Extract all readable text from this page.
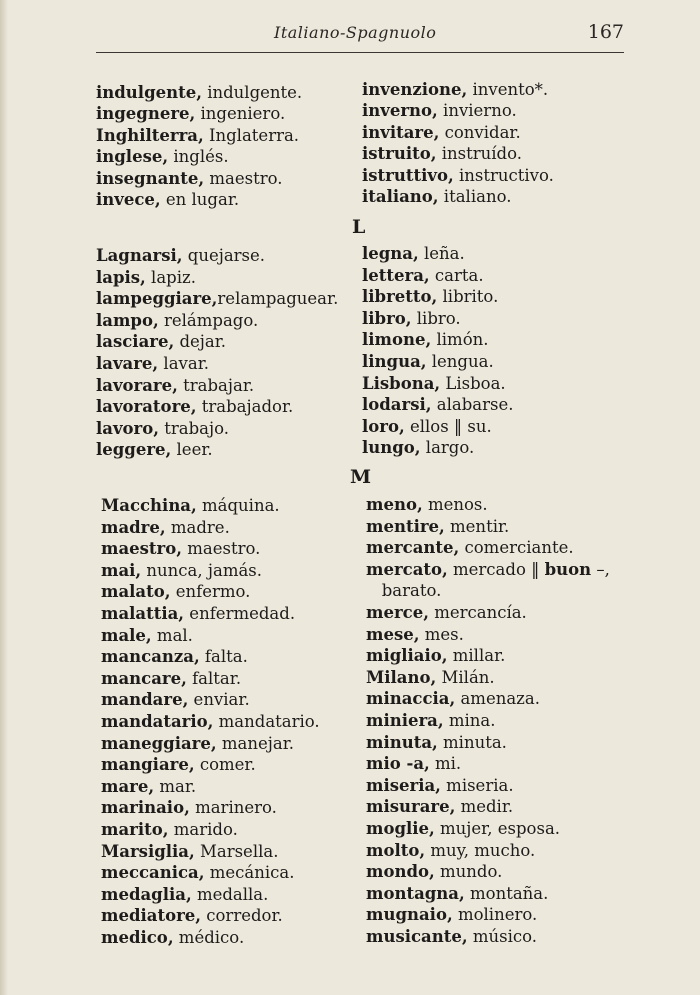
Italiano-Spagnuolo	167
indulgente, indulgente.
ingegnere, ingeniero.
Inghilterra, Inglaterra.
inglese, inglés.
insegnante, maestro.
invece, en lugar.
invenzione, invento*.
inverno, invierno.
invitare, convidar.
istruito, instruído.
istruttivo, instructivo.
italiano, italiano.
L
Lagnarsi, quejarse.
lapis, lapiz.
lampeggiare,relampaguear.
lampo, relámpago.
lasciare, dejar.
lavare, lavar.
lavorare, trabajar.
lavoratore, trabajador.
lavoro, trabajo.
leggere, leer.
legna, leña.
lettera, carta.
libretto, librito.
libro, libro.
limone, limón.
lingua, lengua.
Lisbona, Lisboa.
lodarsi, alabarse.
loro, ellos ‖ su.
lungo, largo.
M
Macchina, máquina.
madre, madre.
maestro, maestro.
mai, nunca, jamás.
malato, enfermo.
malattia, enfermedad.
male, mal.
mancanza, falta.
mancare, faltar.
mandare, enviar.
mandatario, mandatario.
maneggiare, manejar.
mangiare, comer.
mare, mar.
marinaio, marinero.
marito, marido.
Marsiglia, Marsella.
meccanica, mecánica.
medaglia, medalla.
mediatore, corredor.
medico, médico.
meno, menos.
mentire, mentir.
mercante, comerciante.
mercato, mercado ‖ buon –,
barato.
merce, mercancía.
mese, mes.
migliaio, millar.
Milano, Milán.
minaccia, amenaza.
miniera, mina.
minuta, minuta.
mio -a, mi.
miseria, miseria.
misurare, medir.
moglie, mujer, esposa.
molto, muy, mucho.
mondo, mundo.
montagna, montaña.
mugnaio, molinero.
musicante, músico.
